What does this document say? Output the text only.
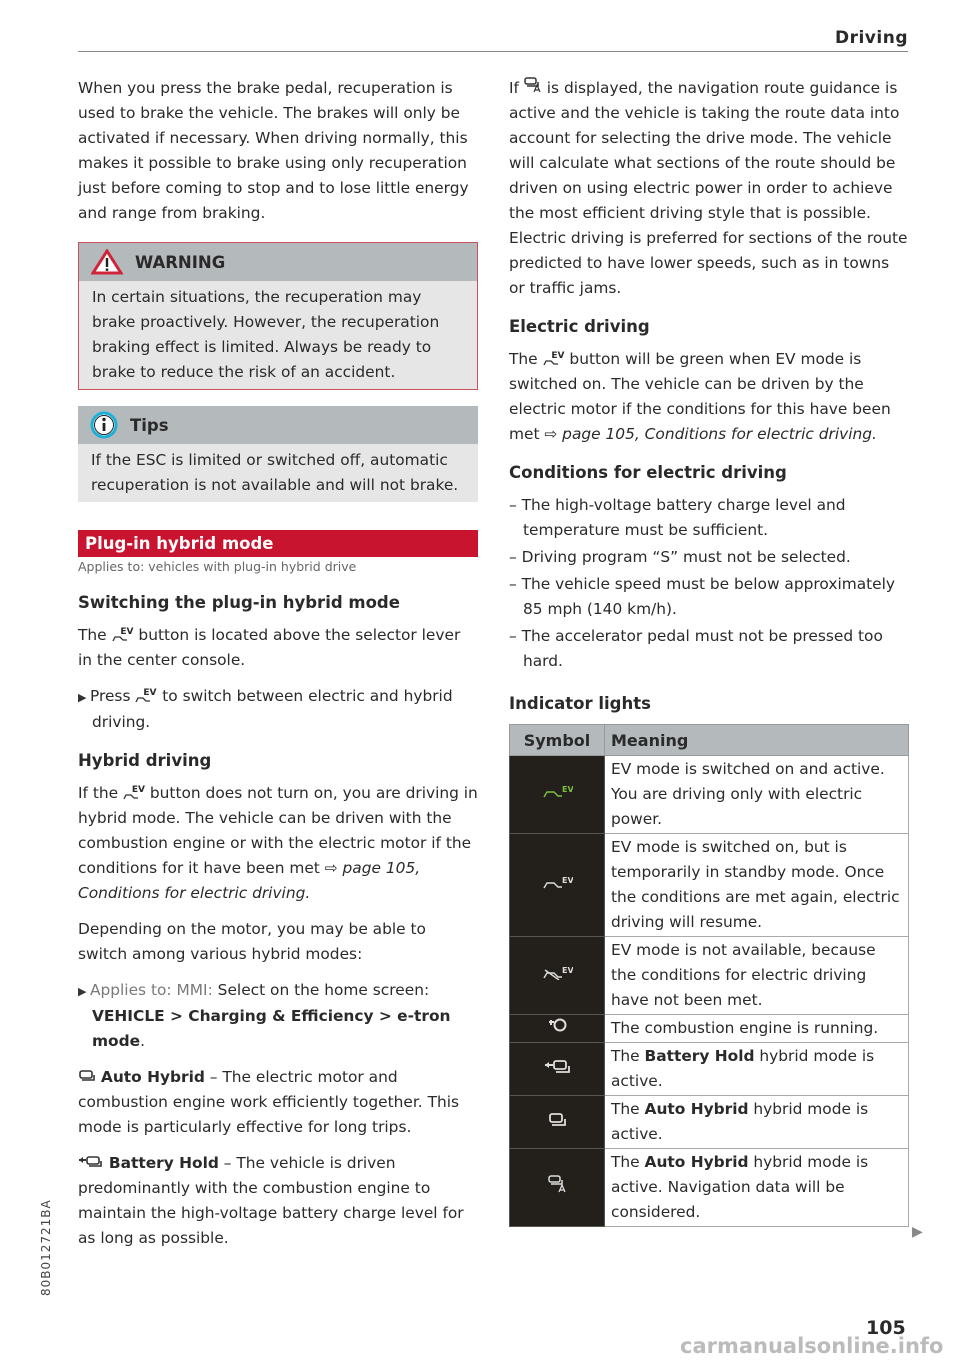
Driving

When you press the brake pedal, recuperation is used to brake the vehicle. The brakes will only be activated if necessary. When driving normally, this makes it possible to brake using only recuperation just before coming to stop and to lose little energy and range from braking.

WARNING
In certain situations, the recuperation may brake proactively. However, the recuperation braking effect is limited. Always be ready to brake to reduce the risk of an accident.
Tips
If the ESC is limited or switched off, automatic recuperation is not available and will not brake.
Plug-in hybrid mode
Applies to: vehicles with plug-in hybrid drive
Switching the plug-in hybrid mode

The EV button is located above the selector lever in the center console.

▶ Press EV to switch between electric and hybrid driving.

Hybrid driving

If the EV button does not turn on, you are driving in hybrid mode. The vehicle can be driven with the combustion engine or with the electric motor if the conditions for it have been met ⇨ page 105, Conditions for electric driving.

Depending on the motor, you may be able to switch among various hybrid modes:

▶ Applies to: MMI: Select on the home screen: VEHICLE > Charging & Efficiency > e-tron mode.

Auto Hybrid – The electric motor and combustion engine work efficiently together. This mode is particularly effective for long trips.

Battery Hold – The vehicle is driven predominantly with the combustion engine to maintain the high-voltage battery charge level for as long as possible.

If  is displayed, the navigation route guidance is active and the vehicle is taking the route data into account for selecting the drive mode. The vehicle will calculate what sections of the route should be driven on using electric power in order to achieve the most efficient driving style that is possible. Electric driving is preferred for sections of the route predicted to have lower speeds, such as in towns or traffic jams.

Electric driving

The EV button will be green when EV mode is switched on. The vehicle can be driven by the electric motor if the conditions for this have been met ⇨ page 105, Conditions for electric driving.

Conditions for electric driving
– The high-voltage battery charge level and temperature must be sufficient.
– Driving program “S” must not be selected.
– The vehicle speed must be below approximately 85 mph (140 km/h).
– The accelerator pedal must not be pressed too hard.
Indicator lights
Symbol	Meaning

EV	EV mode is switched on and active. You are driving only with electric power.

EV	EV mode is switched on, but is temporarily in standby mode. Once the conditions are met again, electric driving will resume.

EV	EV mode is not available, because the conditions for electric driving have not been met.
	The combustion engine is running.
	The Battery Hold hybrid mode is active.
	The Auto Hybrid hybrid mode is active.
	The Auto Hybrid hybrid mode is active. Navigation data will be considered.
▶
105
80B012721BA
carmanualsonline.info
